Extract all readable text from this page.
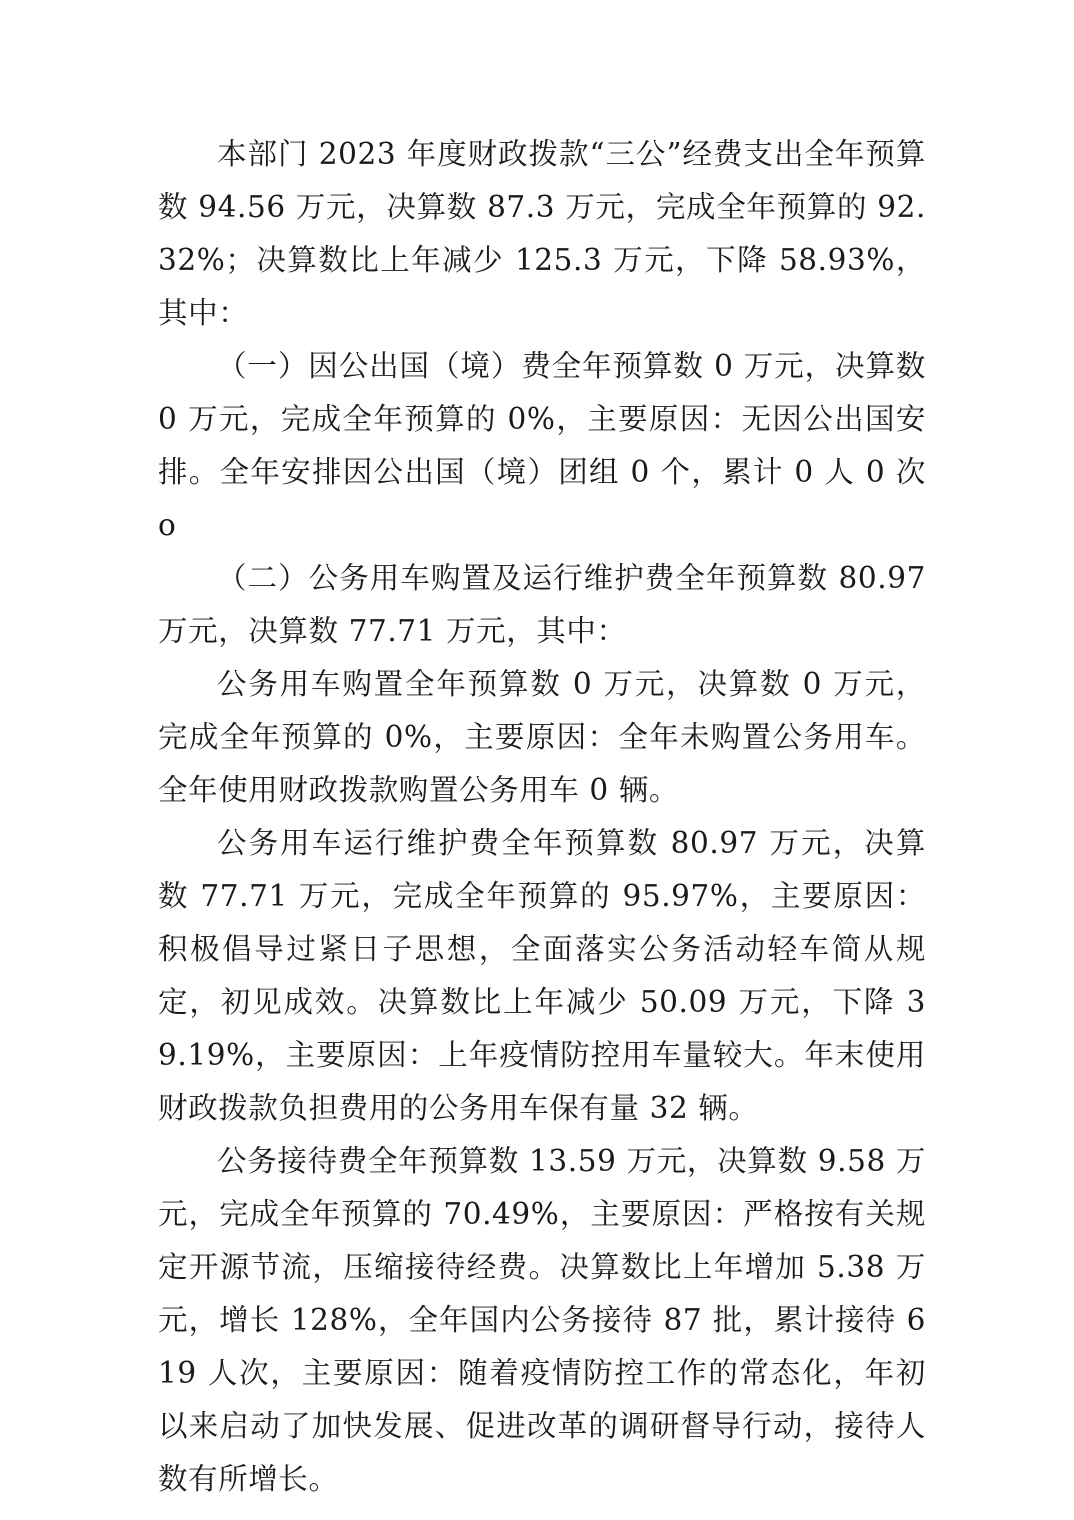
本部门 2023 年度财政拨款“三公”经费支出全年预算数 94.56 万元，决算数 87.3 万元，完成全年预算的 92.32%；决算数比上年减少 125.3 万元，下降 58.93%，其中：

（一）因公出国（境）费全年预算数 0 万元，决算数 0 万元，完成全年预算的 0%，主要原因：无因公出国安排。全年安排因公出国（境）团组 0 个，累计 0 人 0 次o

（二）公务用车购置及运行维护费全年预算数 80.97 万元，决算数 77.71 万元，其中：

公务用车购置全年预算数 0 万元，决算数 0 万元，完成全年预算的 0%，主要原因：全年未购置公务用车。全年使用财政拨款购置公务用车 0 辆。

公务用车运行维护费全年预算数 80.97 万元，决算数 77.71 万元，完成全年预算的 95.97%，主要原因：积极倡导过紧日子思想，全面落实公务活动轻车简从规定，初见成效。决算数比上年减少 50.09 万元，下降 39.19%，主要原因：上年疫情防控用车量较大。年末使用财政拨款负担费用的公务用车保有量 32 辆。

公务接待费全年预算数 13.59 万元，决算数 9.58 万元，完成全年预算的 70.49%，主要原因：严格按有关规定开源节流，压缩接待经费。决算数比上年增加 5.38 万元，增长 128%，全年国内公务接待 87 批，累计接待 619 人次，主要原因：随着疫情防控工作的常态化，年初以来启动了加快发展、促进改革的调研督导行动，接待人数有所增长。
